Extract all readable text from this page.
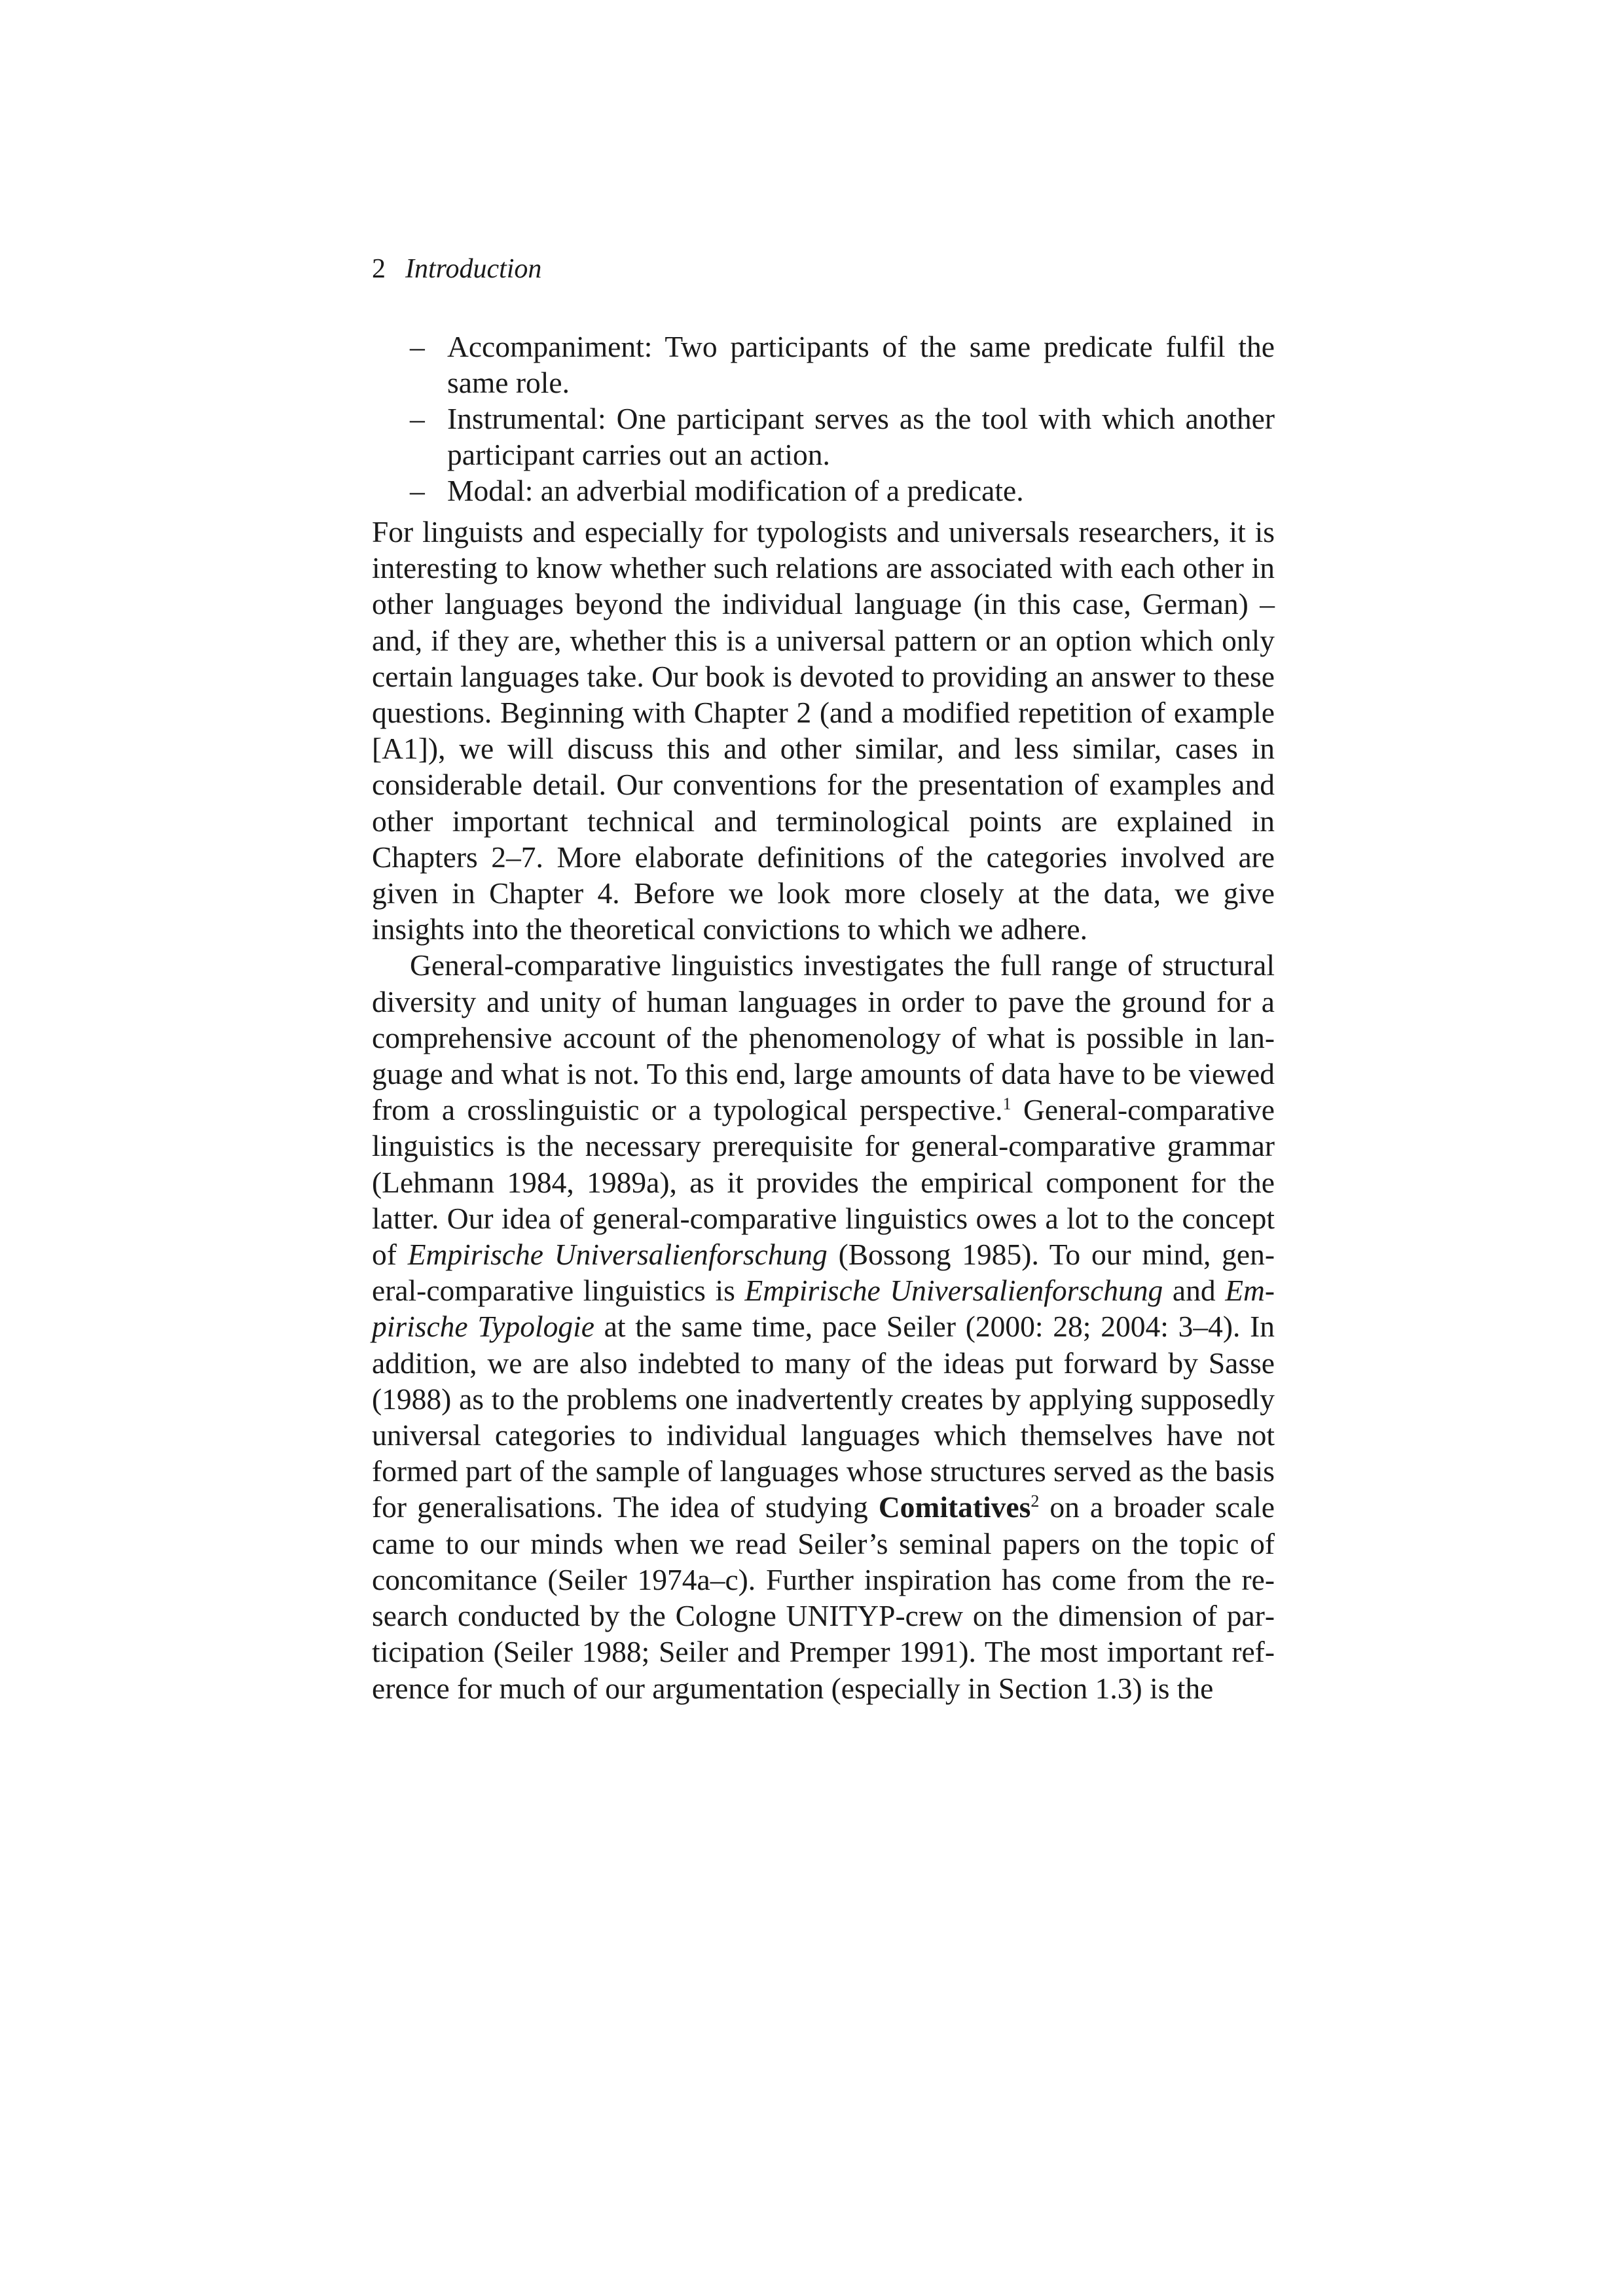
2 Introduction
– Accompaniment: Two participants of the same predicate fulfil the same role.
– Instrumental: One participant serves as the tool with which another participant carries out an action.
– Modal: an adverbial modification of a predicate.

For linguists and especially for typologists and universals researchers, it is interesting to know whether such relations are associated with each other in other languages beyond the individual language (in this case, German) – and, if they are, whether this is a universal pattern or an option which only certain languages take. Our book is devoted to providing an answer to these questions. Beginning with Chapter 2 (and a modified repetition of example [A1]), we will discuss this and other similar, and less similar, cases in considerable detail. Our conventions for the presentation of examples and other important technical and terminological points are explained in Chapters 2–7. More elaborate definitions of the categories involved are given in Chapter 4. Before we look more closely at the data, we give insights into the theoretical convictions to which we adhere.

General-comparative linguistics investigates the full range of structural diversity and unity of human languages in order to pave the ground for a comprehensive account of the phenomenology of what is possible in language and what is not. To this end, large amounts of data have to be viewed from a crosslinguistic or a typological perspective.$^1$ General-comparative linguistics is the necessary prerequisite for general-comparative grammar (Lehmann 1984, 1989a), as it provides the empirical component for the latter. Our idea of general-comparative linguistics owes a lot to the concept of Empirische Universalienforschung (Bossong 1985). To our mind, general-comparative linguistics is Empirische Universalienforschung and Empirische Typologie at the same time, pace Seiler (2000: 28; 2004: 3–4). In addition, we are also indebted to many of the ideas put forward by Sasse (1988) as to the problems one inadvertently creates by applying supposedly universal categories to individual languages which themselves have not formed part of the sample of languages whose structures served as the basis for generalisations. The idea of studying Comitatives$^2$ on a broader scale came to our minds when we read Seiler’s seminal papers on the topic of concomitance (Seiler 1974a–c). Further inspiration has come from the research conducted by the Cologne UNITYP-crew on the dimension of participation (Seiler 1988; Seiler and Premper 1991). The most important reference for much of our argumentation (especially in Section 1.3) is the
